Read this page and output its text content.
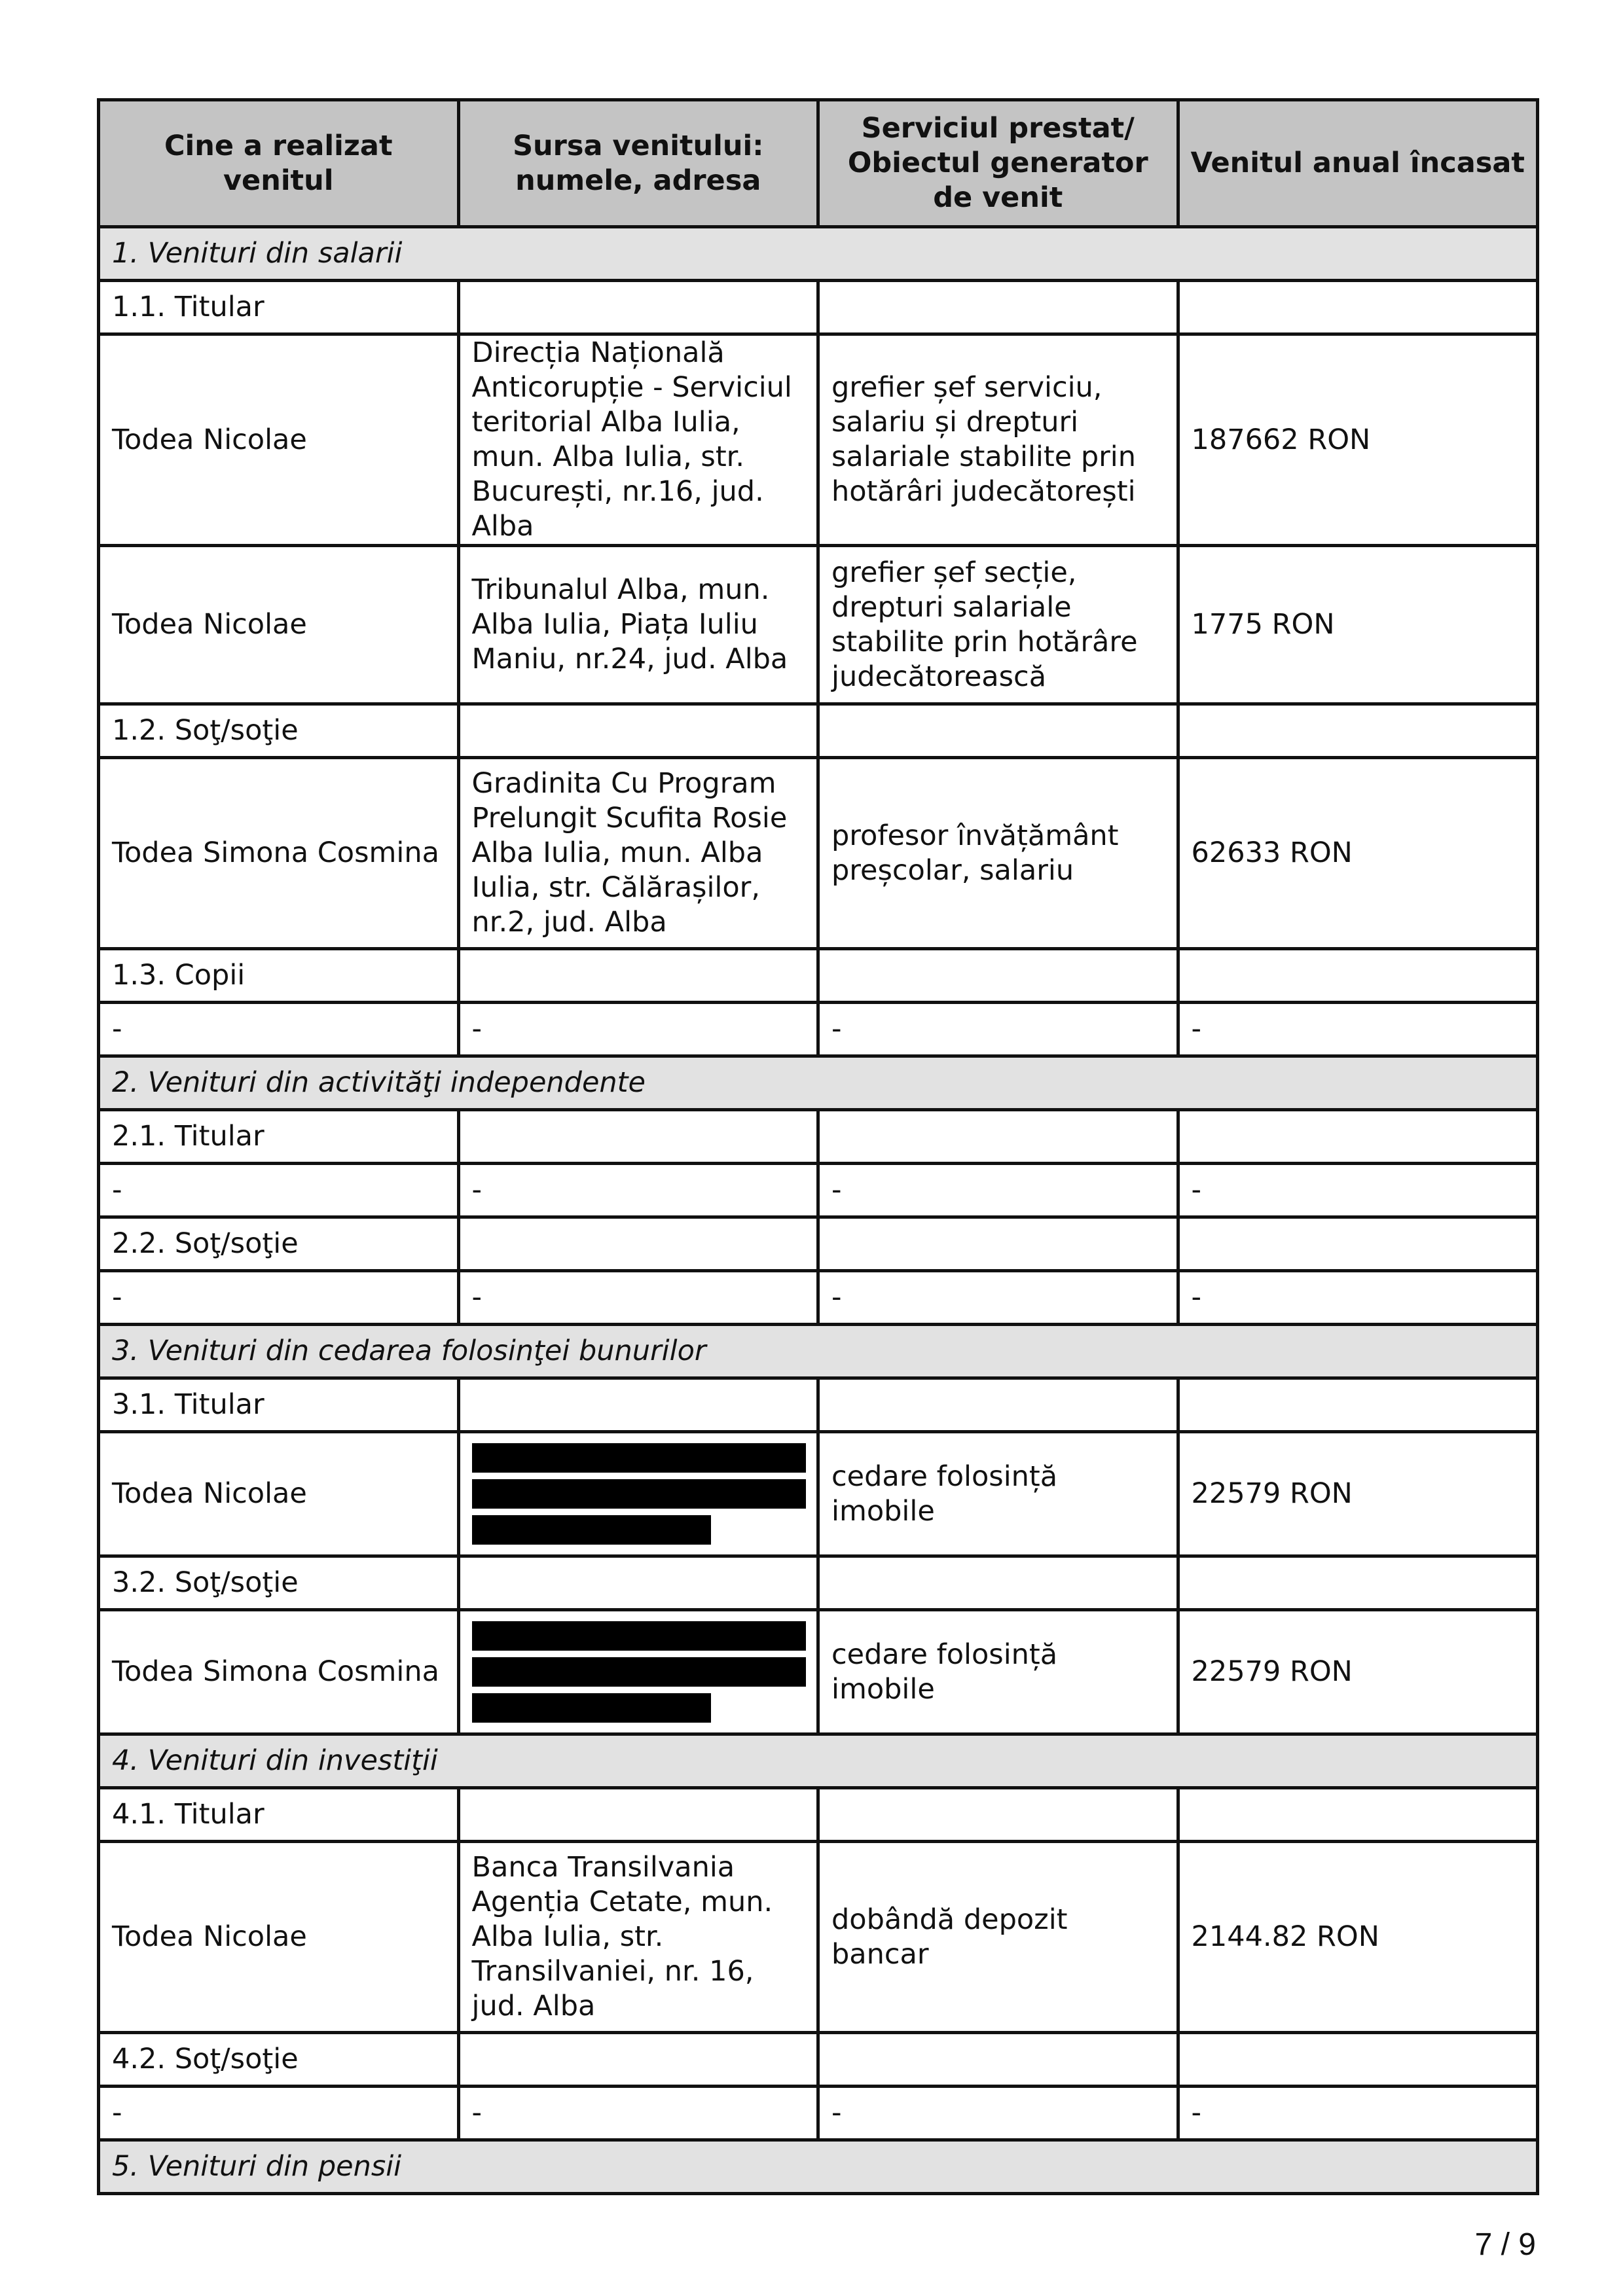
Cine a realizat venitul	Sursa venitului: numele, adresa	Serviciul prestat/ Obiectul generator de venit	Venitul anual încasat
1. Venituri din salarii			
1.1. Titular			
Todea Nicolae	Direcția Națională Anticorupție - Serviciul teritorial Alba Iulia, mun. Alba Iulia, str. București, nr.16, jud. Alba	grefier șef serviciu, salariu și drepturi salariale stabilite prin hotărâri judecătorești	187662 RON
Todea Nicolae	Tribunalul Alba, mun. Alba Iulia, Piața Iuliu Maniu, nr.24, jud. Alba	grefier șef secție, drepturi salariale stabilite prin hotărâre judecătorească	1775 RON
1.2. Soţ/soţie			
Todea Simona Cosmina	Gradinita Cu Program Prelungit Scufita Rosie Alba Iulia, mun. Alba Iulia, str. Călărașilor, nr.2, jud. Alba	profesor învățământ preșcolar, salariu	62633 RON
1.3. Copii			
-	-	-	-
2. Venituri din activităţi independente			
2.1. Titular			
-	-	-	-
2.2. Soţ/soţie			
-	-	-	-
3. Venituri din cedarea folosinţei bunurilor			
3.1. Titular			
Todea Nicolae		cedare folosință imobile	22579 RON
3.2. Soţ/soţie			
Todea Simona Cosmina		cedare folosință imobile	22579 RON
4. Venituri din investiţii			
4.1. Titular			
Todea Nicolae	Banca Transilvania Agenția Cetate, mun. Alba Iulia, str. Transilvaniei, nr. 16, jud. Alba	dobândă depozit bancar	2144.82 RON
4.2. Soţ/soţie			
-	-	-	-
5. Venituri din pensii			
7 / 9
